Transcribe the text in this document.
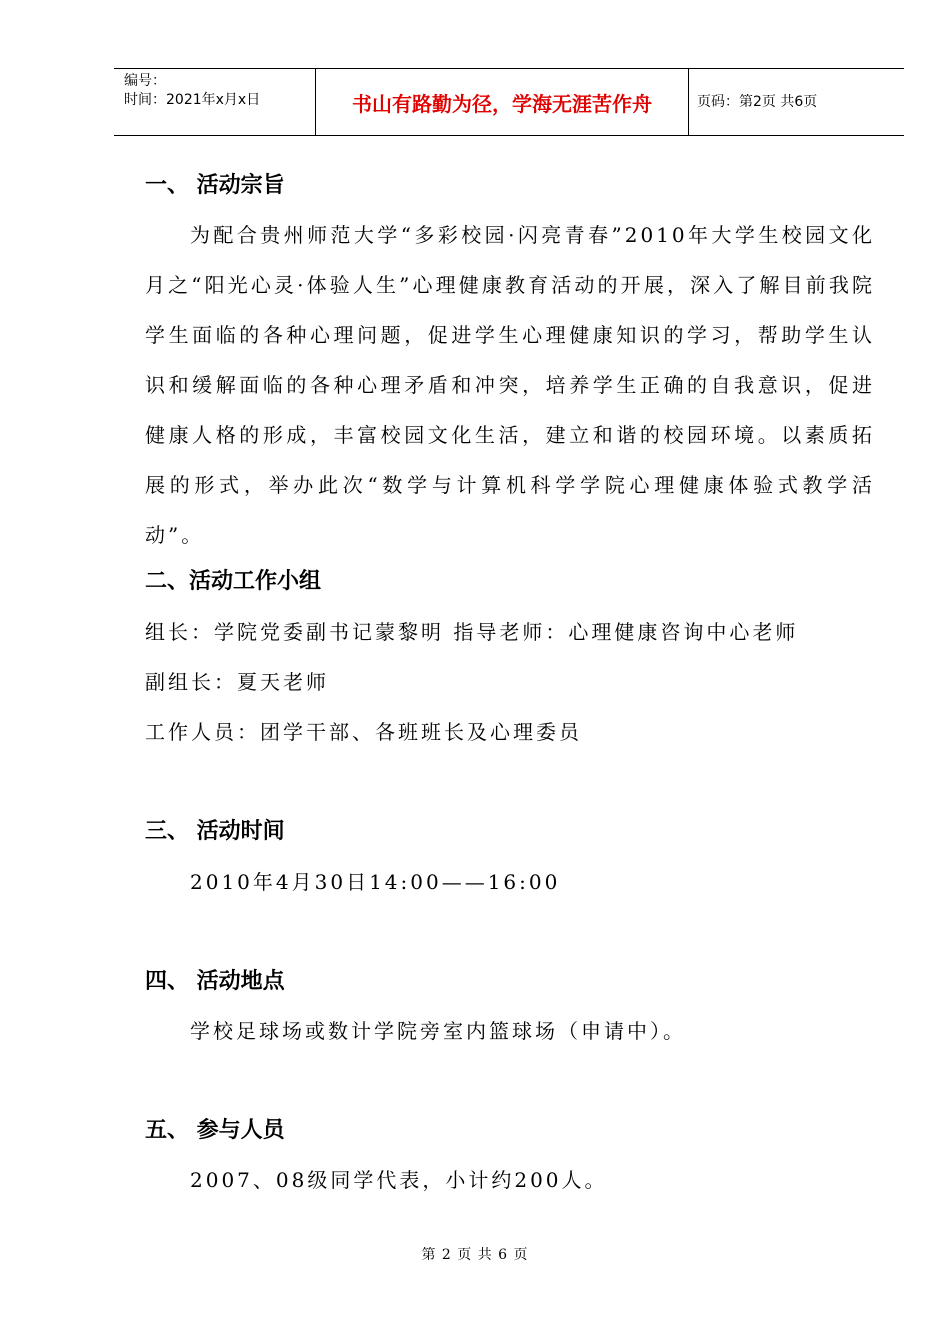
编号：
时间：2021年x月x日	书山有路勤为径，学海无涯苦作舟	页码：第2页 共6页
一、 活动宗旨
为配合贵州师范大学“多彩校园·闪亮青春”2010年大学生校园文化月之“阳光心灵·体验人生”心理健康教育活动的开展，深入了解目前我院学生面临的各种心理问题，促进学生心理健康知识的学习，帮助学生认识和缓解面临的各种心理矛盾和冲突，培养学生正确的自我意识，促进健康人格的形成，丰富校园文化生活，建立和谐的校园环境。以素质拓展的形式，举办此次“数学与计算机科学学院心理健康体验式教学活动”。
二、活动工作小组
组长：学院党委副书记蒙黎明 指导老师：心理健康咨询中心老师
副组长：夏天老师
工作人员：团学干部、各班班长及心理委员
三、 活动时间
2010年4月30日14:00——16:00
四、 活动地点
学校足球场或数计学院旁室内篮球场（申请中）。
五、 参与人员
2007、08级同学代表，小计约200人。
第 2 页 共 6 页
